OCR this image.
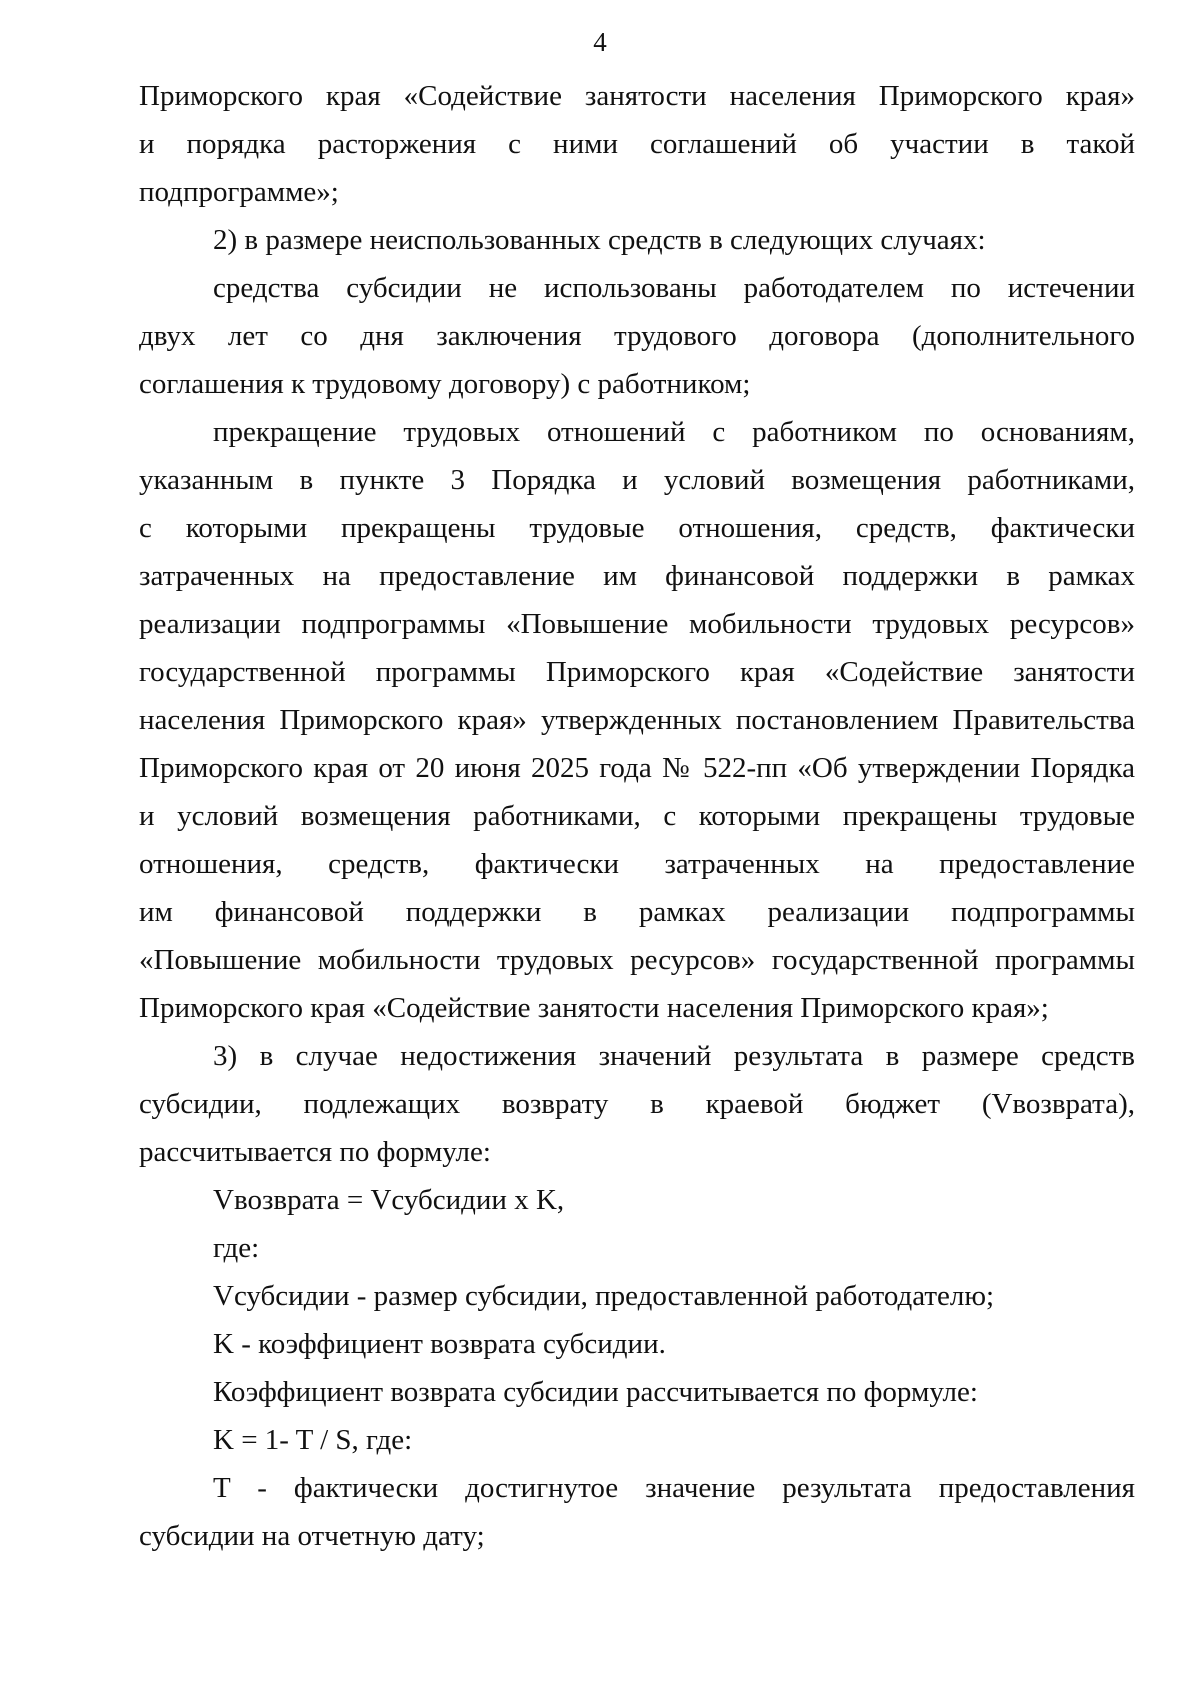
4
Приморского края «Содействие занятости населения Приморского края»
и порядка расторжения с ними соглашений об участии в такой
подпрограмме»;
2) в размере неиспользованных средств в следующих случаях:
средства субсидии не использованы работодателем по истечении
двух лет со дня заключения трудового договора (дополнительного
соглашения к трудовому договору) с работником;
прекращение трудовых отношений с работником по основаниям,
указанным в пункте 3 Порядка и условий возмещения работниками,
с которыми прекращены трудовые отношения, средств, фактически
затраченных на предоставление им финансовой поддержки в рамках
реализации подпрограммы «Повышение мобильности трудовых ресурсов»
государственной программы Приморского края «Содействие занятости
населения Приморского края» утвержденных постановлением Правительства
Приморского края от 20 июня 2025 года № 522-пп «Об утверждении Порядка
и условий возмещения работниками, с которыми прекращены трудовые
отношения, средств, фактически затраченных на предоставление
им финансовой поддержки в рамках реализации подпрограммы
«Повышение мобильности трудовых ресурсов» государственной программы
Приморского края «Содействие занятости населения Приморского края»;
3) в случае недостижения значений результата в размере средств
субсидии, подлежащих возврату в краевой бюджет (Vвозврата),
рассчитывается по формуле:
Vвозврата = Vсубсидии x K,
где:
Vсубсидии - размер субсидии, предоставленной работодателю;
K - коэффициент возврата субсидии.
Коэффициент возврата субсидии рассчитывается по формуле:
K = 1- T / S, где:
T - фактически достигнутое значение результата предоставления
субсидии на отчетную дату;
